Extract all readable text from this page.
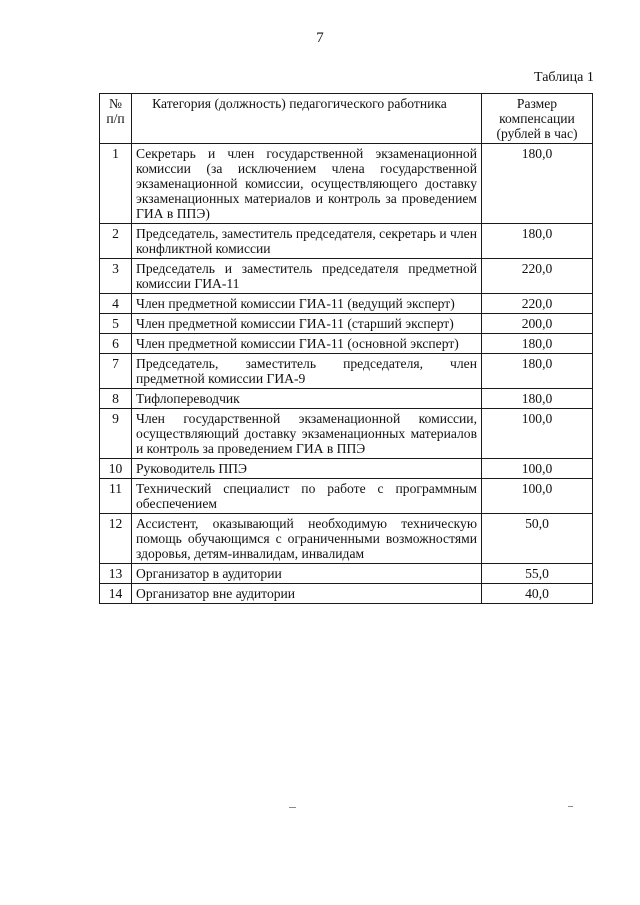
7
Таблица 1
№ п/п	Категория (должность) педагогического работника	Размер компенсации (рублей в час)
1	Секретарь и член государственной экзаменационной комиссии (за исключением члена государственной экзаменационной комиссии, осуществляющего доставку экзаменационных материалов и контроль за проведением ГИА в ППЭ)	180,0
2	Председатель, заместитель председателя, секретарь и член конфликтной комиссии	180,0
3	Председатель и заместитель председателя предметной комиссии ГИА-11	220,0
4	Член предметной комиссии ГИА-11 (ведущий эксперт)	220,0
5	Член предметной комиссии ГИА-11 (старший эксперт)	200,0
6	Член предметной комиссии ГИА-11 (основной эксперт)	180,0
7	Председатель, заместитель председателя, член предметной комиссии ГИА-9	180,0
8	Тифлопереводчик	180,0
9	Член государственной экзаменационной комиссии, осуществляющий доставку экзаменационных материалов и контроль за проведением ГИА в ППЭ	100,0
10	Руководитель ППЭ	100,0
11	Технический специалист по работе с программным обеспечением	100,0
12	Ассистент, оказывающий необходимую техническую помощь обучающимся с ограниченными возможностями здоровья, детям-инвалидам, инвалидам	50,0
13	Организатор в аудитории	55,0
14	Организатор вне аудитории	40,0
